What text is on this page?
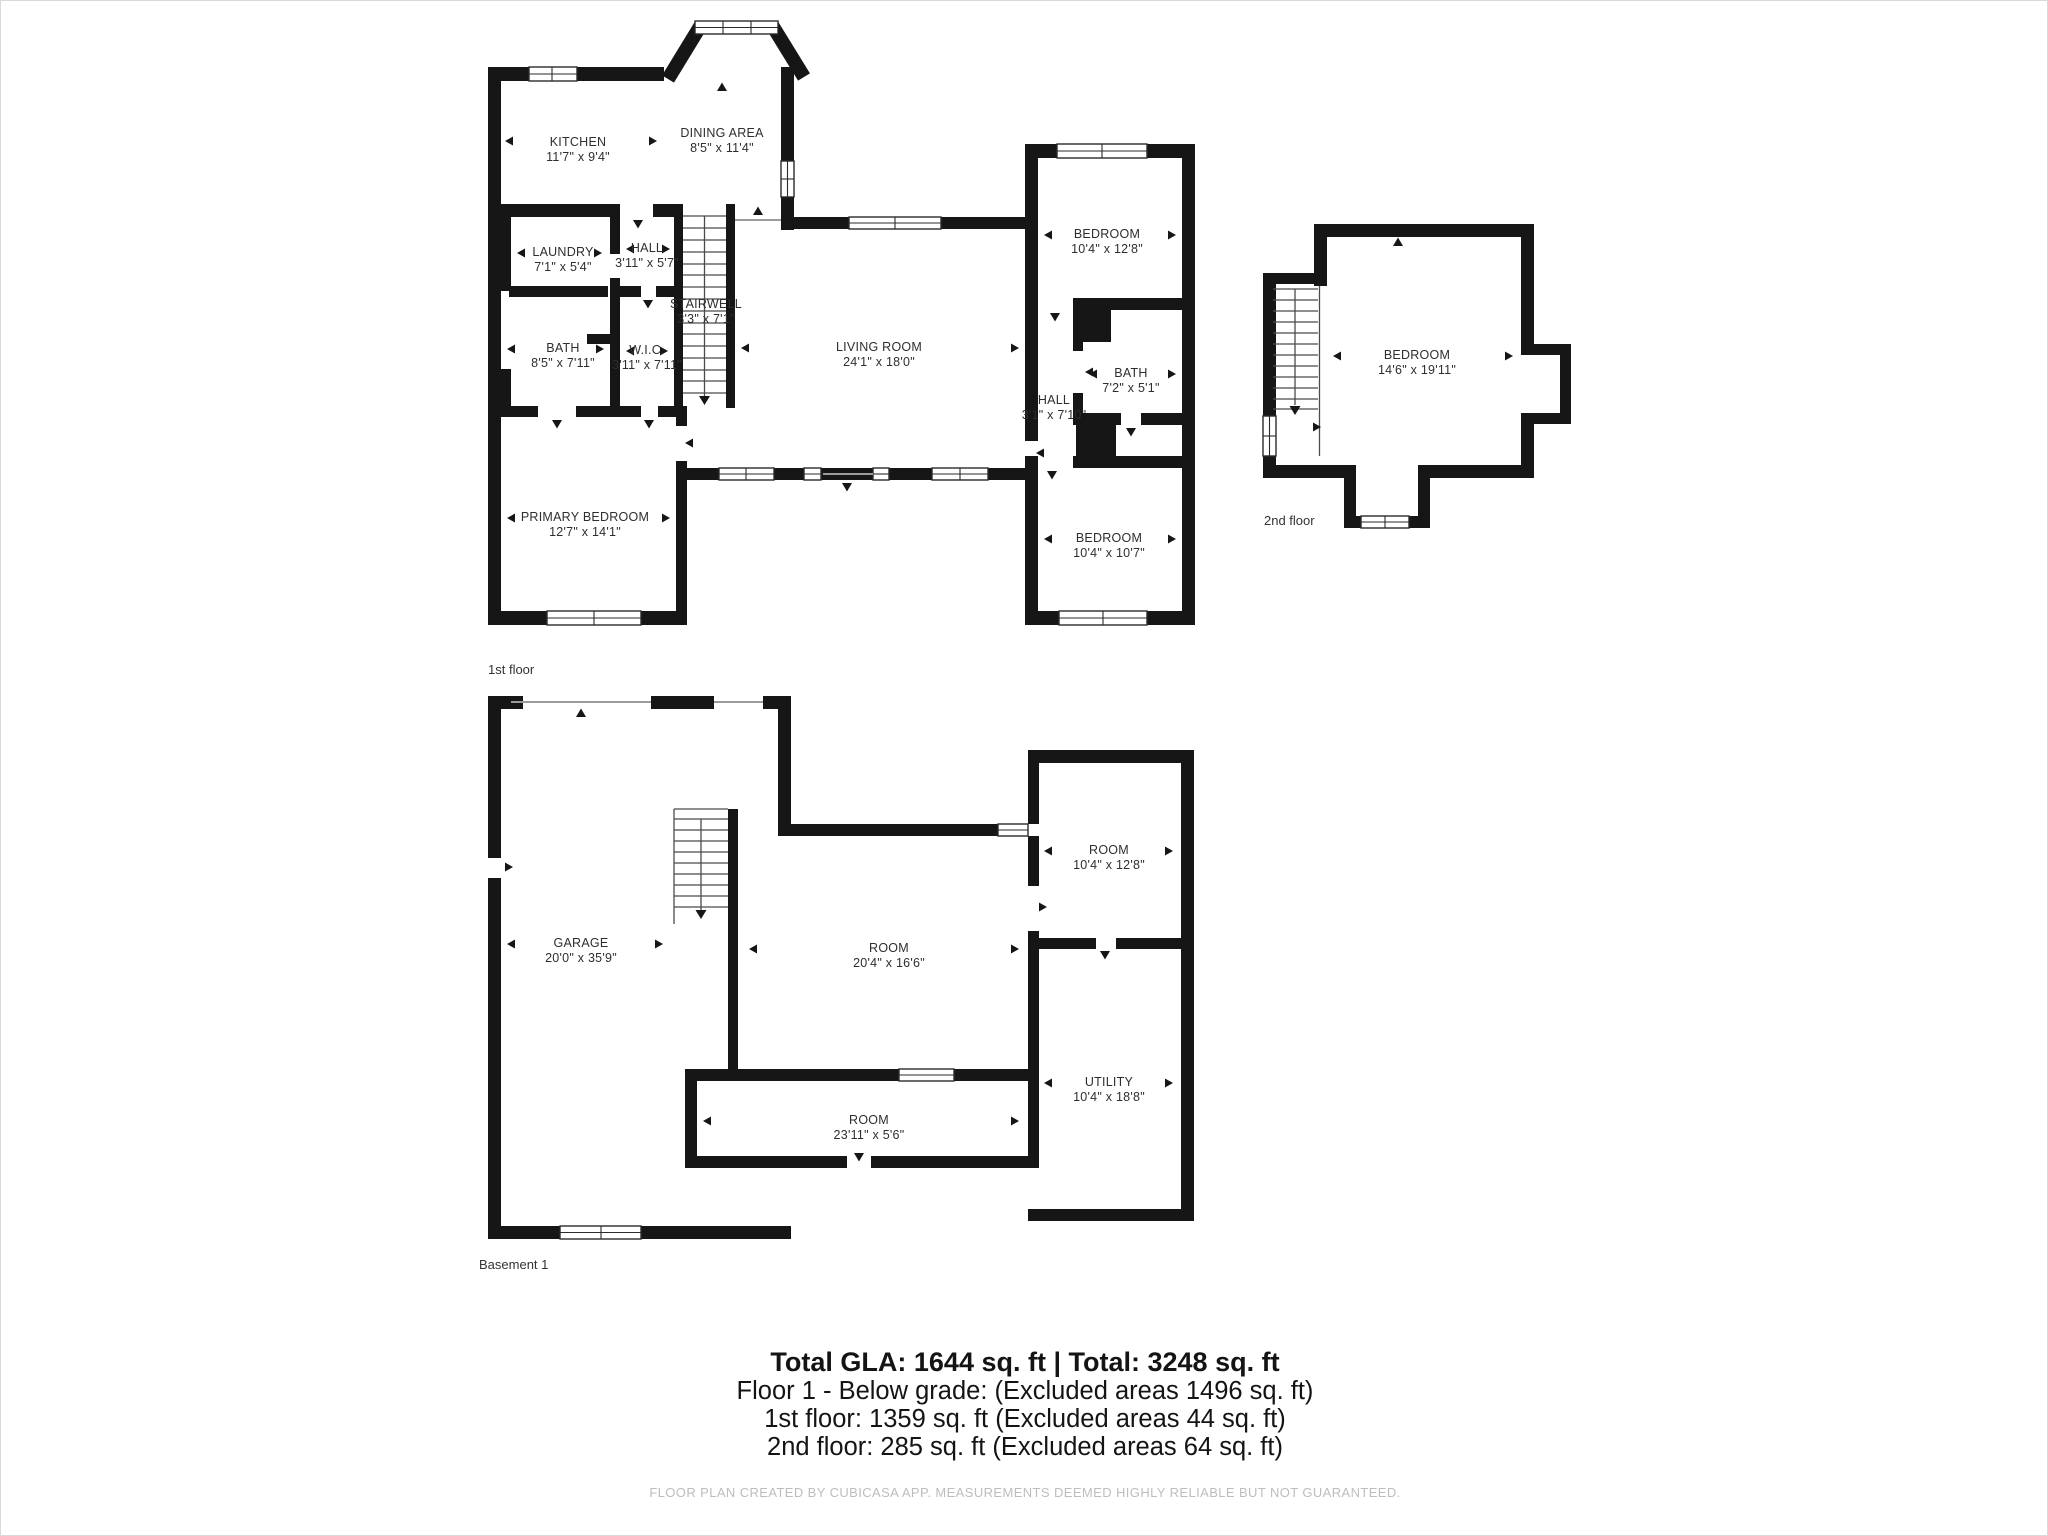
KITCHEN
11'7" x 9'4"
DINING AREA
8'5" x 11'4"
LAUNDRY
7'1" x 5'4"
HALL
3'11" x 5'7"
STAIRWELL
3'3" x 7'1"
BATH
8'5" x 7'11"
W.I.C.
3'11" x 7'11"
LIVING ROOM
24'1" x 18'0"
PRIMARY BEDROOM
12'7" x 14'1"
BEDROOM
10'4" x 12'8"
BATH
7'2" x 5'1"
HALL
3'1" x 7'10"
BEDROOM
10'4" x 10'7"
1st floor
BEDROOM
14'6" x 19'11"
2nd floor
GARAGE
20'0" x 35'9"
ROOM
20'4" x 16'6"
ROOM
10'4" x 12'8"
UTILITY
10'4" x 18'8"
ROOM
23'11" x 5'6"
Basement 1
Total GLA: 1644 sq. ft | Total: 3248 sq. ft
Floor 1 - Below grade: (Excluded areas 1496 sq. ft)
1st floor: 1359 sq. ft (Excluded areas 44 sq. ft)
2nd floor: 285 sq. ft (Excluded areas 64 sq. ft)
FLOOR PLAN CREATED BY CUBICASA APP. MEASUREMENTS DEEMED HIGHLY RELIABLE BUT NOT GUARANTEED.
